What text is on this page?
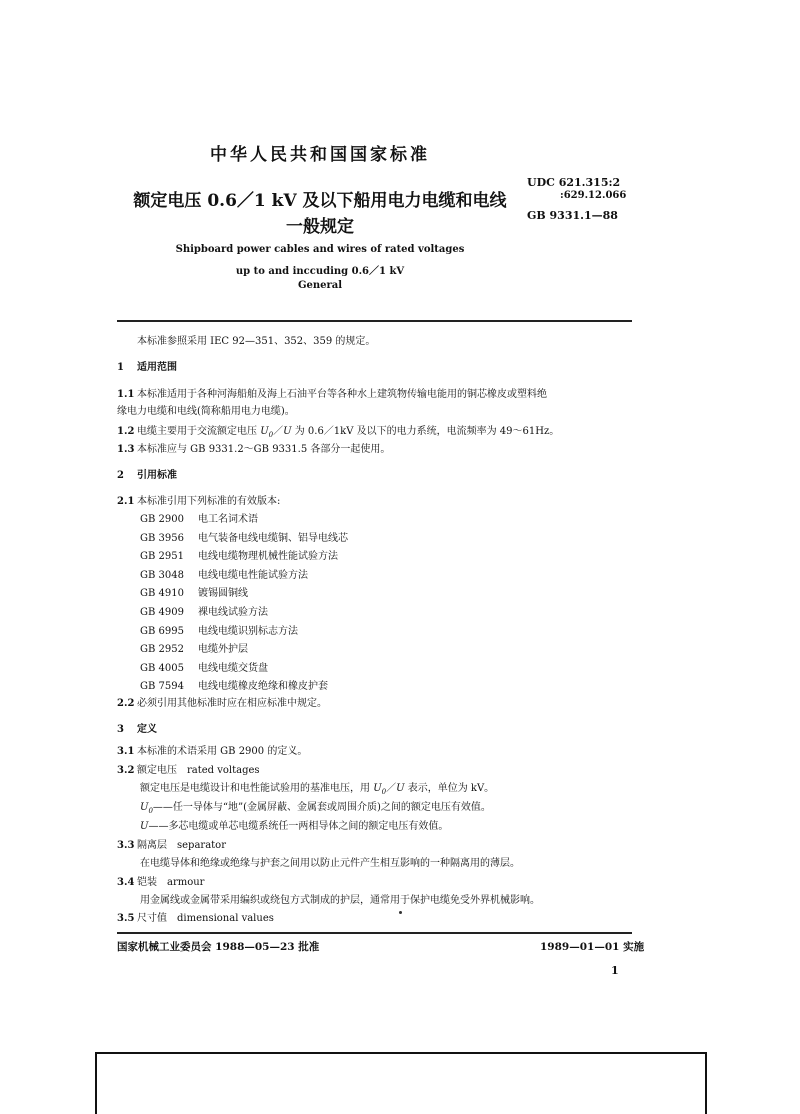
中华人民共和国国家标准
额定电压 0.6／1 kV 及以下船用电力电缆和电线
一般规定
UDC 621.315:2
:629.12.066
GB 9331.1—88
Shipboard power cables and wires of rated voltages
up to and inccuding 0.6／1 kV
General
本标准参照采用 IEC 92—351、352、359 的规定。
1 适用范围
1.1 本标准适用于各种河海船舶及海上石油平台等各种水上建筑物传输电能用的铜芯橡皮或塑料绝
缘电力电缆和电线(简称船用电力电缆)。
1.2 电缆主要用于交流额定电压 $U_0/U$ 为 0.6／1kV 及以下的电力系统，电流频率为 49～61Hz。
1.3 本标准应与 GB 9331.2～GB 9331.5 各部分一起使用。
2 引用标准
2.1 本标准引用下列标准的有效版本:
GB 2900 电工名词术语
GB 3956 电气装备电线电缆铜、铝导电线芯
GB 2951 电线电缆物理机械性能试验方法
GB 3048 电线电缆电性能试验方法
GB 4910 镀锡圆铜线
GB 4909 裸电线试验方法
GB 6995 电线电缆识别标志方法
GB 2952 电缆外护层
GB 4005 电线电缆交货盘
GB 7594 电线电缆橡皮绝缘和橡皮护套
2.2 必须引用其他标准时应在相应标准中规定。
3 定义
3.1 本标准的术语采用 GB 2900 的定义。
3.2 额定电压　rated voltages
额定电压是电缆设计和电性能试验用的基准电压，用 $U_0/U$ 表示，单位为 kV。
$U_0——$任一导体与“地”(金属屏蔽、金属套或周围介质)之间的额定电压有效值。
U——多芯电缆或单芯电缆系统任一两相导体之间的额定电压有效值。
3.3 隔离层　separator
在电缆导体和绝缘或绝缘与护套之间用以防止元件产生相互影响的一种隔离用的薄层。
3.4 铠装　armour
用金属线或金属带采用编织或绕包方式制成的护层，通常用于保护电缆免受外界机械影响。
3.5 尺寸值　dimensional values
国家机械工业委员会 1988—05—23 批准	1989—01—01 实施
1
